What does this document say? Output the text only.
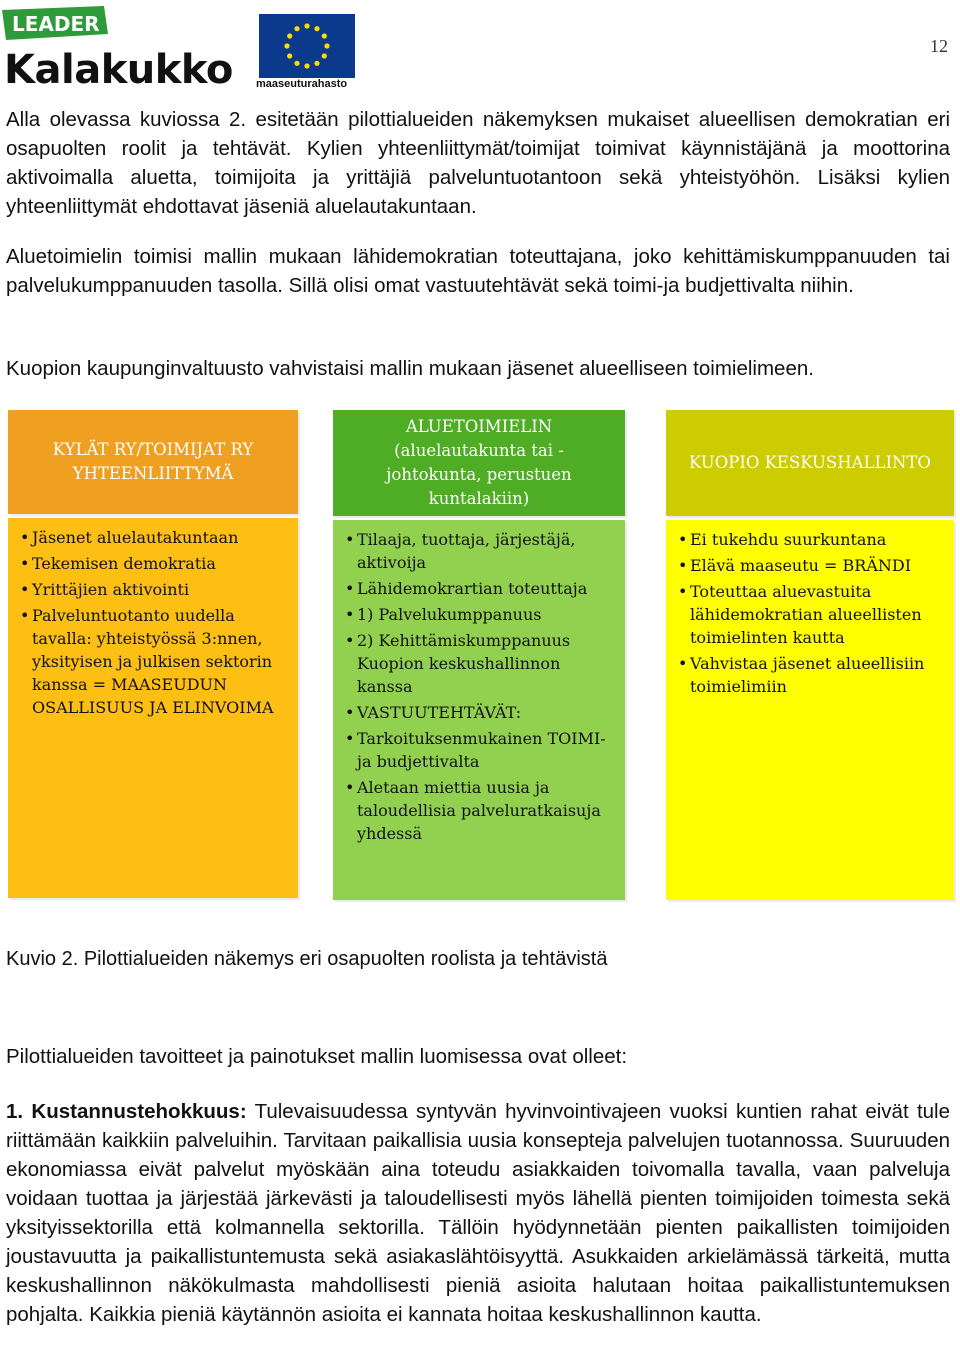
LEADER
Kalakukko maaseuturahasto
12

Alla olevassa kuviossa 2. esitetään pilottialueiden näkemyksen mukaiset alueellisen demokratian eri osapuolten roolit ja tehtävät. Kylien yhteenliittymät/toimijat toimivat käynnistäjänä ja moottorina aktivoimalla aluetta, toimijoita ja yrittäjiä palveluntuotantoon sekä yhteistyöhön. Lisäksi kylien yhteenliittymät ehdottavat jäseniä aluelautakuntaan.

Aluetoimielin toimisi mallin mukaan lähidemokratian toteuttajana, joko kehittämiskumppanuuden tai palvelukumppanuuden tasolla. Sillä olisi omat vastuutehtävät sekä toimi-ja budjettivalta niihin.

Kuopion kaupunginvaltuusto vahvistaisi mallin mukaan jäsenet alueelliseen toimielimeen.

KYLÄT RY/TOIMIJAT RY YHTEENLIITTYMÄ
• Jäsenet aluelautakuntaan
• Tekemisen demokratia
• Yrittäjien aktivointi
• Palveluntuotanto uudella tavalla: yhteistyössä 3:nnen, yksityisen ja julkisen sektorin kanssa = MAASEUDUN OSALLISUUS JA ELINVOIMA
ALUETOIMIELIN (aluelautakunta tai -johtokunta, perustuen kuntalakiin)
• Tilaaja, tuottaja, järjestäjä, aktivoija
• Lähidemokrartian toteuttaja
• 1) Palvelukumppanuus
• 2) Kehittämiskumppanuus Kuopion keskushallinnon kanssa
• VASTUUTEHTÄVÄT:
• Tarkoituksenmukainen TOIMI- ja budjettivalta
• Aletaan miettia uusia ja taloudellisia palveluratkaisuja yhdessä
KUOPIO KESKUSHALLINTO
• Ei tukehdu suurkuntana
• Elävä maaseutu = BRÄNDI
• Toteuttaa aluevastuita lähidemokratian alueellisten toimielinten kautta
• Vahvistaa jäsenet alueellisiin toimielimiin
Kuvio 2. Pilottialueiden näkemys eri osapuolten roolista ja tehtävistä
Pilottialueiden tavoitteet ja painotukset mallin luomisessa ovat olleet:

1. Kustannustehokkuus: Tulevaisuudessa syntyvän hyvinvointivajeen vuoksi kuntien rahat eivät tule riittämään kaikkiin palveluihin. Tarvitaan paikallisia uusia konsepteja palvelujen tuotannossa. Suuruuden ekonomiassa eivät palvelut myöskään aina toteudu asiakkaiden toivomalla tavalla, vaan palveluja voidaan tuottaa ja järjestää järkevästi ja taloudellisesti myös lähellä pienten toimijoiden toimesta sekä yksityissektorilla että kolmannella sektorilla. Tällöin hyödynnetään pienten paikallisten toimijoiden joustavuutta ja paikallistuntemusta sekä asiakaslähtöisyyttä. Asukkaiden arkielämässä tärkeitä, mutta keskushallinnon näkökulmasta mahdollisesti pieniä asioita halutaan hoitaa paikallistuntemuksen pohjalta. Kaikkia pieniä käytännön asioita ei kannata hoitaa keskushallinnon kautta.
